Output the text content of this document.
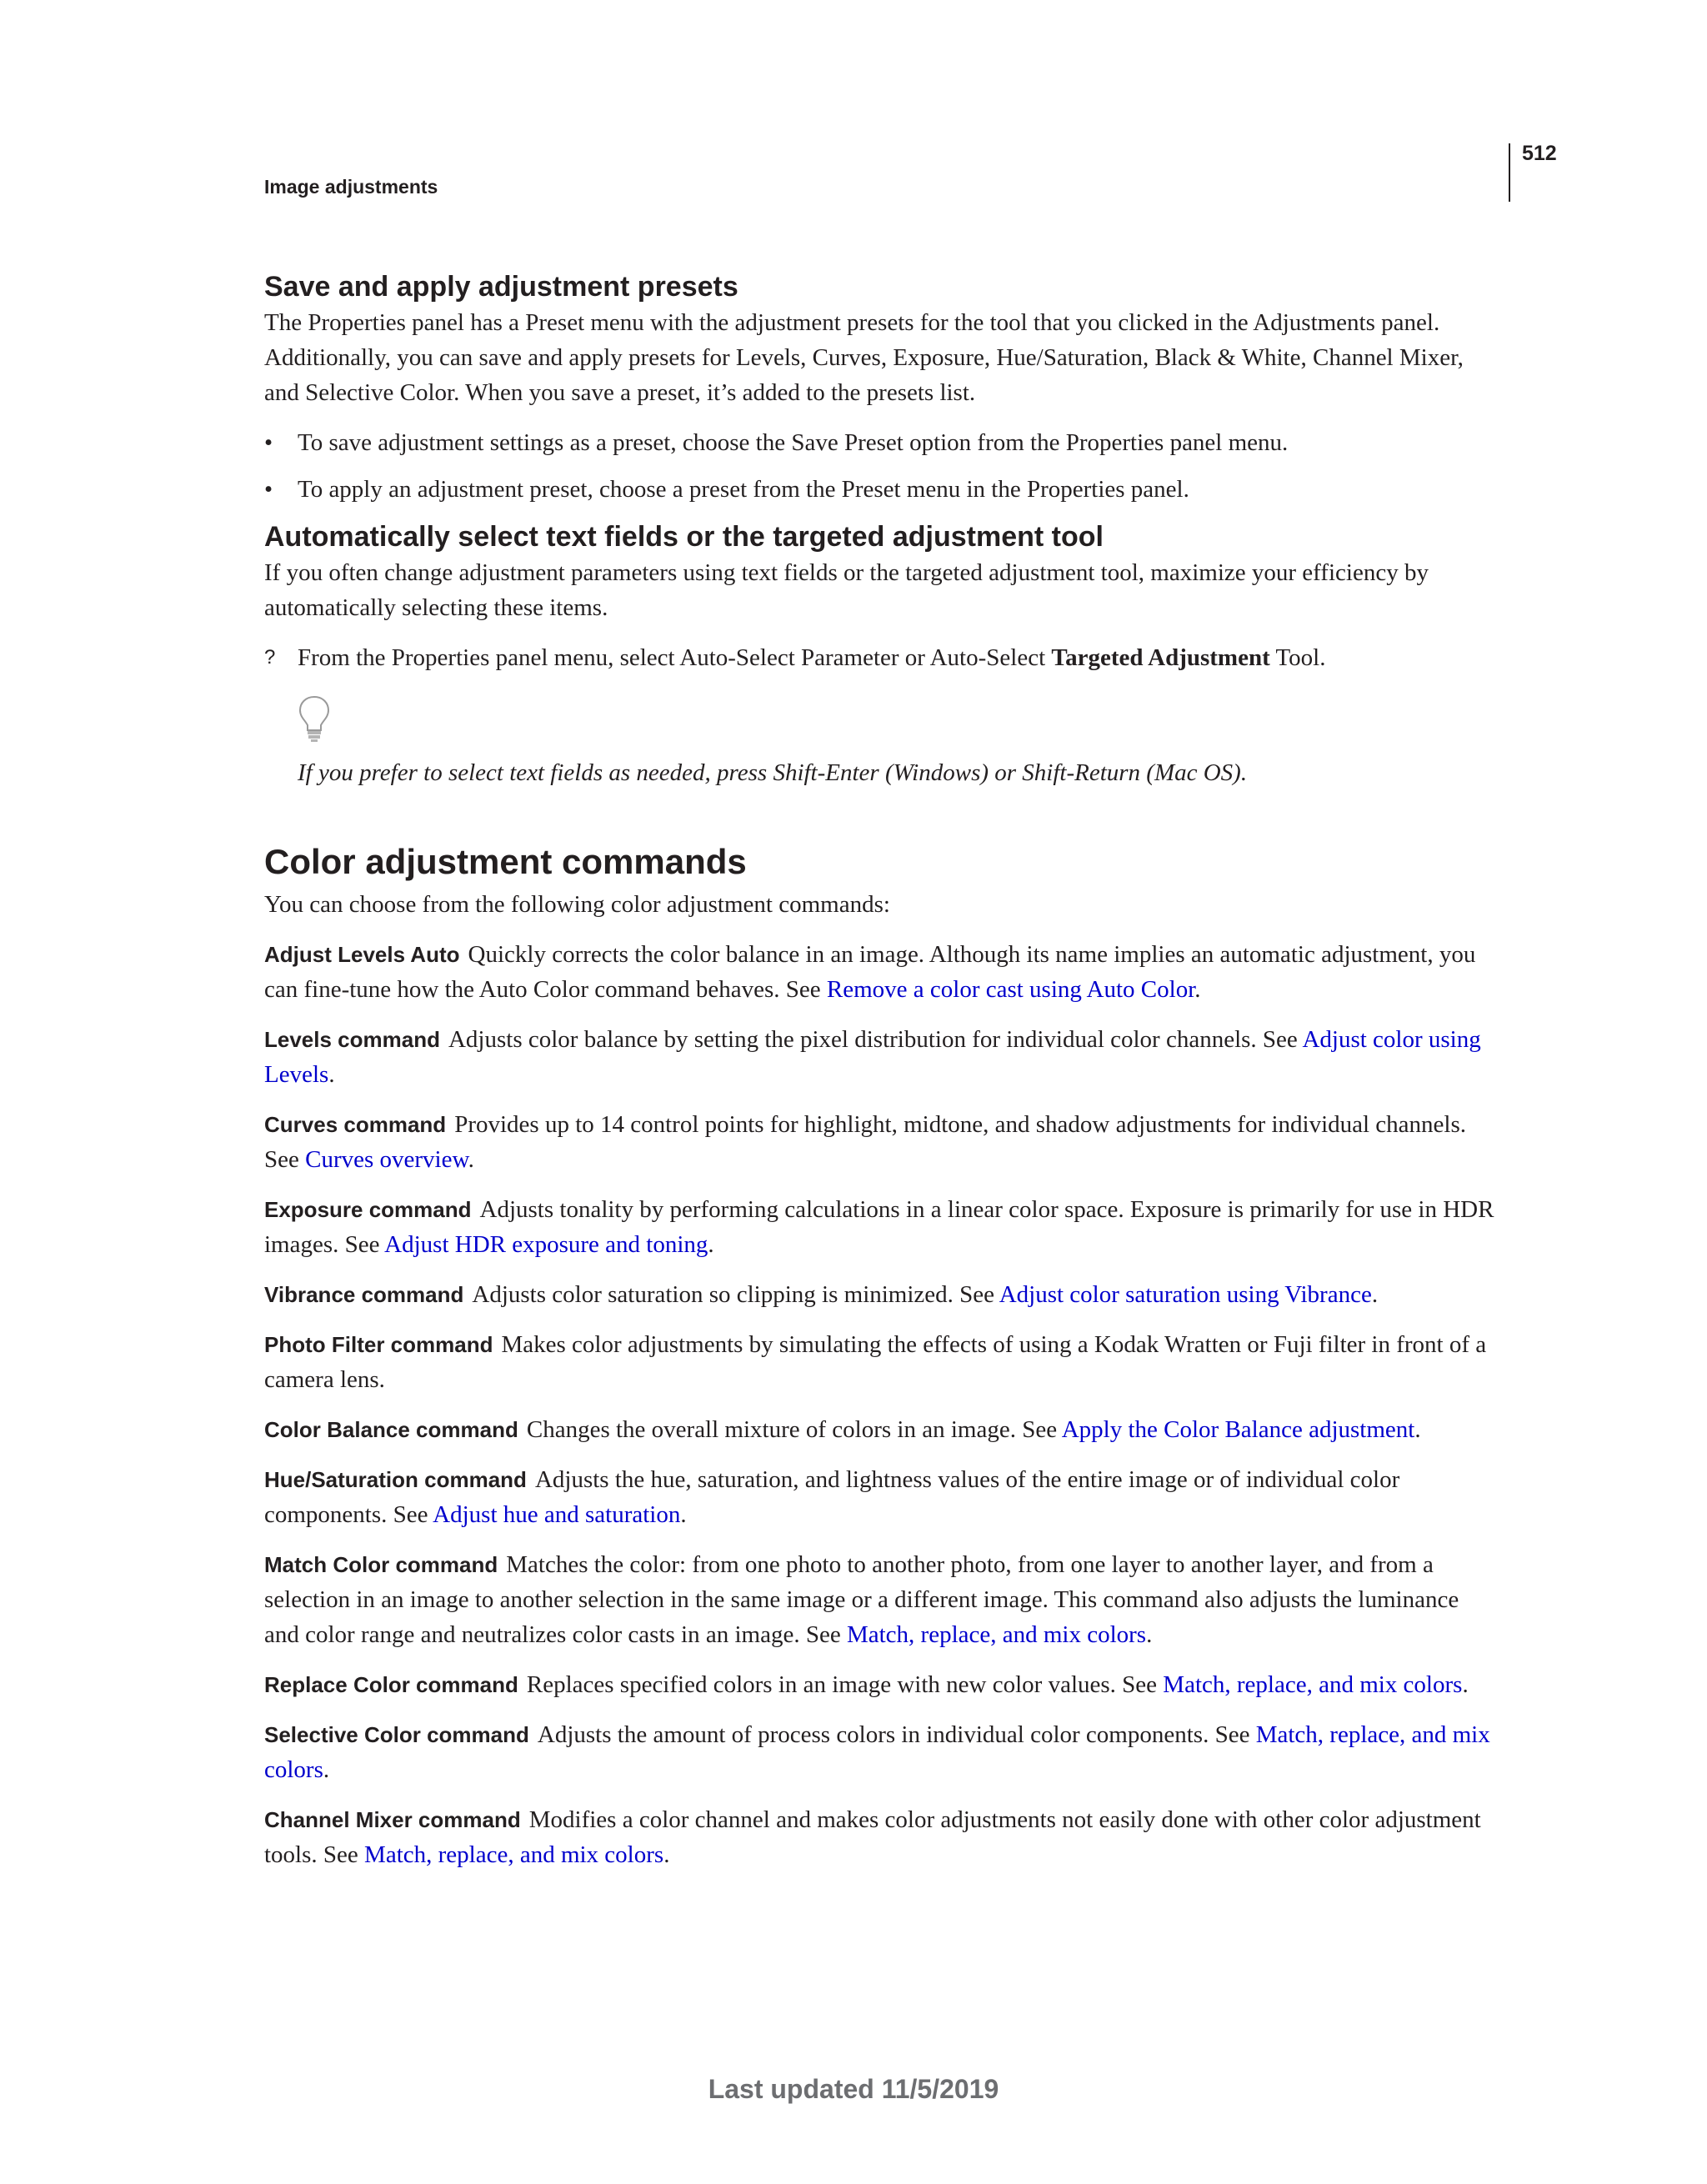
512
Image adjustments
Save and apply adjustment presets

The Properties panel has a Preset menu with the adjustment presets for the tool that you clicked in the Adjustments panel. Additionally, you can save and apply presets for Levels, Curves, Exposure, Hue/Saturation, Black & White, Channel Mixer, and Selective Color. When you save a preset, it’s added to the presets list.

• To save adjustment settings as a preset, choose the Save Preset option from the Properties panel menu.
• To apply an adjustment preset, choose a preset from the Preset menu in the Properties panel.
Automatically select text fields or the targeted adjustment tool

If you often change adjustment parameters using text fields or the targeted adjustment tool, maximize your efficiency by automatically selecting these items.

? From the Properties panel menu, select Auto-Select Parameter or Auto-Select Targeted Adjustment Tool.

If you prefer to select text fields as needed, press Shift-Enter (Windows) or Shift-Return (Mac OS).

Color adjustment commands

You can choose from the following color adjustment commands:

Adjust Levels Auto Quickly corrects the color balance in an image. Although its name implies an automatic adjustment, you can fine-tune how the Auto Color command behaves. See Remove a color cast using Auto Color.

Levels command Adjusts color balance by setting the pixel distribution for individual color channels. See Adjust color using Levels.

Curves command Provides up to 14 control points for highlight, midtone, and shadow adjustments for individual channels. See Curves overview.

Exposure command Adjusts tonality by performing calculations in a linear color space. Exposure is primarily for use in HDR images. See Adjust HDR exposure and toning.

Vibrance command Adjusts color saturation so clipping is minimized. See Adjust color saturation using Vibrance.

Photo Filter command Makes color adjustments by simulating the effects of using a Kodak Wratten or Fuji filter in front of a camera lens.

Color Balance command Changes the overall mixture of colors in an image. See Apply the Color Balance adjustment.

Hue/Saturation command Adjusts the hue, saturation, and lightness values of the entire image or of individual color components. See Adjust hue and saturation.

Match Color command Matches the color: from one photo to another photo, from one layer to another layer, and from a selection in an image to another selection in the same image or a different image. This command also adjusts the luminance and color range and neutralizes color casts in an image. See Match, replace, and mix colors.

Replace Color command Replaces specified colors in an image with new color values. See Match, replace, and mix colors.

Selective Color command Adjusts the amount of process colors in individual color components. See Match, replace, and mix colors.

Channel Mixer command Modifies a color channel and makes color adjustments not easily done with other color adjustment tools. See Match, replace, and mix colors.

Last updated 11/5/2019
